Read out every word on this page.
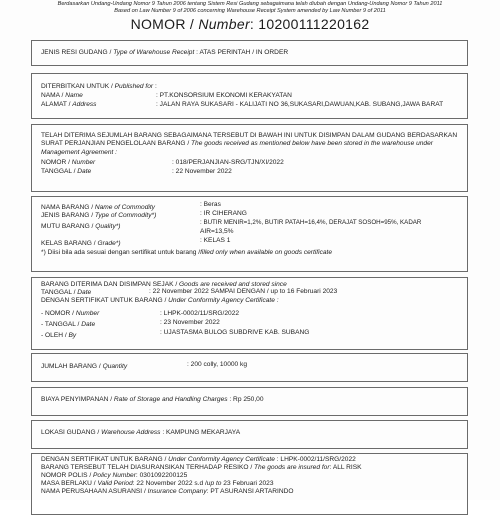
Berdasarkan Undang-Undang Nomor 9 Tahun 2006 tentang Sistem Resi Gudang sebagaimana telah diubah dengan Undang-Undang Nomor 9 Tahun 2011
Based on Law Number 9 of 2006 concerning Warehouse Receipt System amended by Law Number 9 of 2011
NOMOR / Number: 10200111220162
JENIS RESI GUDANG / Type of Warehouse Receipt : ATAS PERINTAH / IN ORDER
DITERBITKAN UNTUK / Published for :
NAMA / Name	: PT.KONSORSIUM EKONOMI KERAKYATAN
ALAMAT / Address	: JALAN RAYA SUKASARI - KALIJATI NO 36,SUKASARI,DAWUAN,KAB. SUBANG,JAWA BARAT
TELAH DITERIMA SEJUMLAH BARANG SEBAGAIMANA TERSEBUT DI BAWAH INI UNTUK DISIMPAN DALAM GUDANG BERDASARKAN
SURAT PERJANJIAN PENGELOLAAN BARANG / The goods received as mentioned below have been stored in the warehouse under
Management Agreement :
NOMOR / Number	: 018/PERJANJIAN-SRG/TJN/XI/2022
TANGGAL / Date	: 22 November 2022
NAMA BARANG / Name of Commodity	: Beras
JENIS BARANG / Type of Commodity*)	: IR CIHERANG
MUTU BARANG / Quality*)
: BUTIR MENIR=1,2%, BUTIR PATAH=16,4%, DERAJAT SOSOH=95%, KADAR
AIR=13,5%
KELAS BARANG / Grade*)	: KELAS 1
*) Diisi bila ada sesuai dengan sertifikat untuk barang /filled only when available on goods certificate
BARANG DITERIMA DAN DISIMPAN SEJAK / Goods are received and stored since
TANGGAL / Date	: 22 November 2022 SAMPAI DENGAN / up to 16 Februari 2023
DENGAN SERTIFIKAT UNTUK BARANG / Under Conformity Agency Certificate :
- NOMOR / Number	: LHPK-0002/11/SRG/2022
- TANGGAL / Date	: 23 November 2022
- OLEH / By	: UJASTASMA BULOG SUBDRIVE KAB. SUBANG
JUMLAH BARANG / Quantity	: 200 colly, 10000 kg
BIAYA PENYIMPANAN / Rate of Storage and Handling Charges : Rp 250,00
LOKASI GUDANG / Warehouse Address : KAMPUNG MEKARJAYA
DENGAN SERTIFIKAT UNTUK BARANG / Under Conformity Agency Certificate : LHPK-0002/11/SRG/2022
BARANG TERSEBUT TELAH DIASURANSIKAN TERHADAP RESIKO / The goods are insured for: ALL RISK
NOMOR POLIS / Policy Number: 0301092200125
MASA BERLAKU / Valid Period: 22 November 2022 s.d /up to 23 Februari 2023
NAMA PERUSAHAAN ASURANSI / Insurance Company: PT ASURANSI ARTARINDO
